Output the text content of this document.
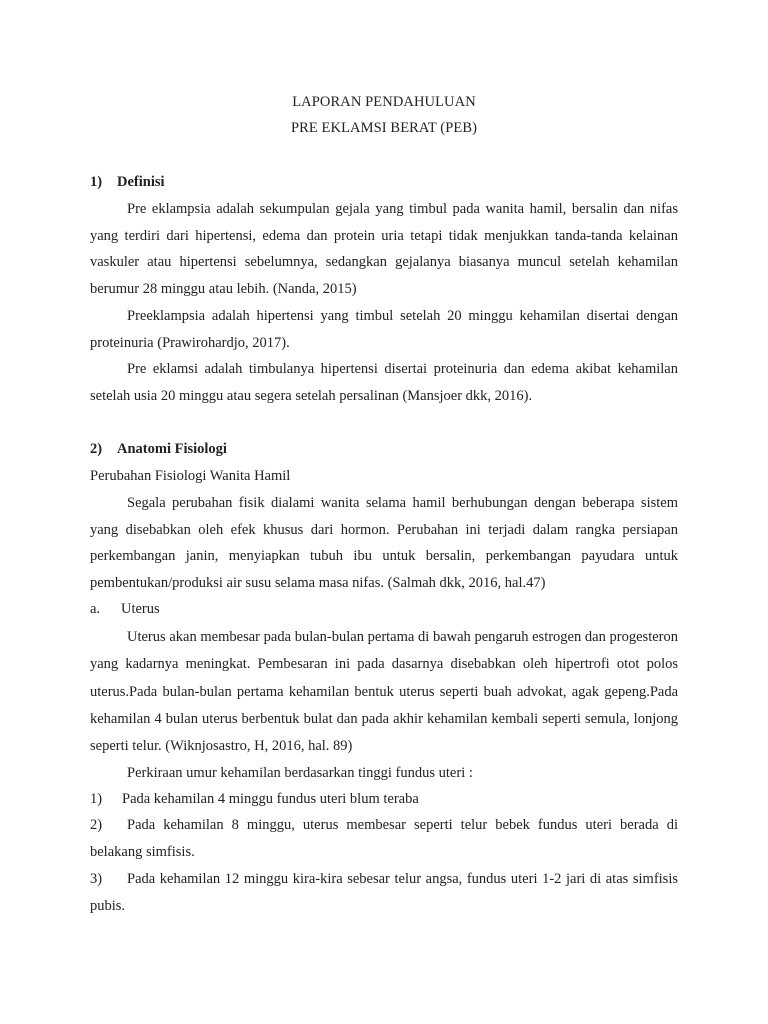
LAPORAN PENDAHULUAN
PRE EKLAMSI BERAT (PEB)
1) Definisi
Pre eklampsia adalah sekumpulan gejala yang timbul pada wanita hamil, bersalin dan nifas yang terdiri dari hipertensi, edema dan protein uria tetapi tidak menjukkan tanda-tanda kelainan vaskuler atau hipertensi sebelumnya, sedangkan gejalanya biasanya muncul setelah kehamilan berumur 28 minggu atau lebih. (Nanda, 2015)
Preeklampsia adalah hipertensi yang timbul setelah 20 minggu kehamilan disertai dengan proteinuria (Prawirohardjo, 2017).
Pre eklamsi adalah timbulanya hipertensi disertai proteinuria dan edema akibat kehamilan setelah usia 20 minggu atau segera setelah persalinan (Mansjoer dkk, 2016).
2) Anatomi Fisiologi
Perubahan Fisiologi Wanita Hamil
Segala perubahan fisik dialami wanita selama hamil berhubungan dengan beberapa sistem yang disebabkan oleh efek khusus dari hormon. Perubahan ini terjadi dalam rangka persiapan perkembangan janin, menyiapkan tubuh ibu untuk bersalin, perkembangan payudara untuk pembentukan/produksi air susu selama masa nifas. (Salmah dkk, 2016, hal.47)
a. Uterus
Uterus akan membesar pada bulan-bulan pertama di bawah pengaruh estrogen dan progesteron yang kadarnya meningkat. Pembesaran ini pada dasarnya disebabkan oleh hipertrofi otot polos uterus.Pada bulan-bulan pertama kehamilan bentuk uterus seperti buah advokat, agak gepeng.Pada kehamilan 4 bulan uterus berbentuk bulat dan pada akhir kehamilan kembali seperti semula, lonjong seperti telur. (Wiknjosastro, H, 2016, hal. 89)
Perkiraan umur kehamilan berdasarkan tinggi fundus uteri :
1) Pada kehamilan 4 minggu fundus uteri blum teraba
2) Pada kehamilan 8 minggu, uterus membesar seperti telur bebek fundus uteri berada di belakang simfisis.
3) Pada kehamilan 12 minggu kira-kira sebesar telur angsa, fundus uteri 1-2 jari di atas simfisis pubis.
